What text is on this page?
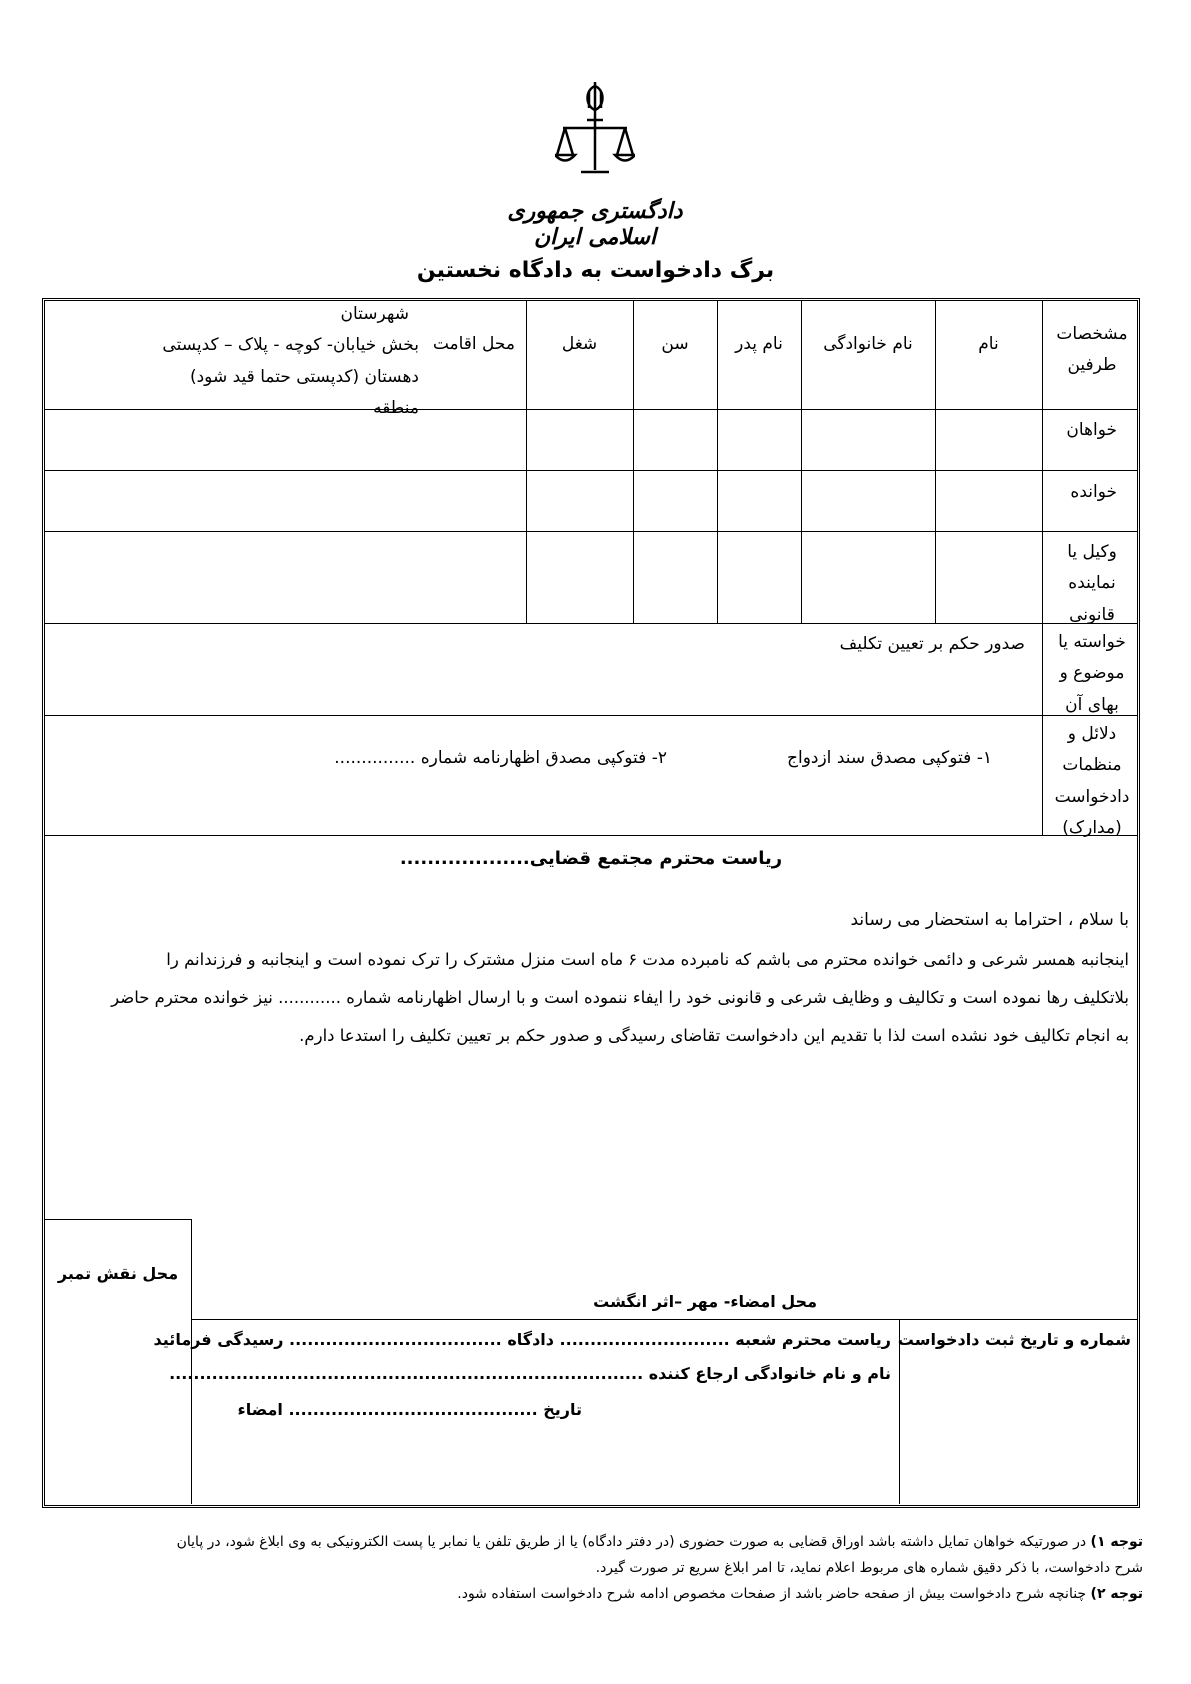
دادگستری جمهوری اسلامی ایران
برگ دادخواست به دادگاه نخستین
مشخصات
طرفین
نام
نام خانوادگی
نام پدر
سن
شغل
محل اقامت
شهرستان
بخش خیابان- کوچه - پلاک – کدپستی
دهستان (کدپستی حتما قید شود)
منطقه
خواهان
خوانده
وکیل یا
نماینده
قانونی
خواسته یا
موضوع و
بهای آن
صدور حکم بر تعیین تکلیف
دلائل و
منظمات
دادخواست
(مدارک)
۱- فتوکپی مصدق سند ازدواج
۲- فتوکپی مصدق اظهارنامه شماره ...............
ریاست محترم مجتمع قضایی...................
با سلام ، احتراما به استحضار می رساند
اینجانبه همسر شرعی و دائمی خوانده محترم می باشم که نامبرده مدت ۶ ماه است منزل مشترک را ترک نموده است و اینجانبه و فرزندانم را
بلاتکلیف رها نموده است و تکالیف و وظایف شرعی و قانونی خود را ایفاء ننموده است و با ارسال اظهارنامه شماره ............ نیز خوانده محترم حاضر
به انجام تکالیف خود نشده است لذا با تقدیم این دادخواست تقاضای رسیدگی و صدور حکم بر تعیین تکلیف را استدعا دارم.
محل نقش تمبر
محل امضاء- مهر –اثر انگشت
شماره و تاریخ ثبت دادخواست
ریاست محترم شعبه ............................ دادگاه ................................... رسیدگی فرمائید
نام و نام خانوادگی ارجاع کننده ..............................................................................
تاریخ ......................................... امضاء
توجه ۱) در صورتیکه خواهان تمایل داشته باشد اوراق قضایی به صورت حضوری (در دفتر دادگاه) یا از طریق تلفن یا نمابر یا پست الکترونیکی به وی ابلاغ شود، در پایان
شرح دادخواست، با ذکر دقیق شماره های مربوط اعلام نماید، تا امر ابلاغ سریع تر صورت گیرد.
توجه ۲) چنانچه شرح دادخواست بیش از صفحه حاضر باشد از صفحات مخصوص ادامه شرح دادخواست استفاده شود.
